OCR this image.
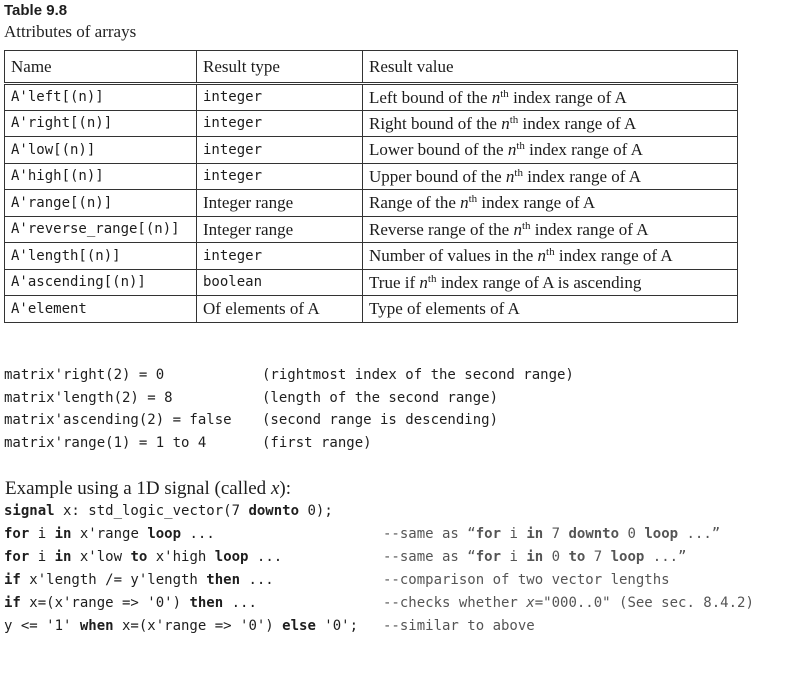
Table 9.8
Attributes of arrays
Name	Result type	Result value
A'left[(n)]	integer	Left bound of the n th index range of A

A'right[(n)]	integer	Right bound of the n th index range of A

A'low[(n)]	integer	Lower bound of the n th index range of A

A'high[(n)]	integer	Upper bound of the n th index range of A

A'range[(n)]	Integer range	Range of the n th index range of A

A'reverse_range[(n)]	Integer range	Reverse range of the n th index range of A

A'length[(n)]	integer	Number of values in the n th index range of A

A'ascending[(n)]	boolean	True if n th index range of A is ascending

A'element	Of elements of A	Type of elements of A
matrix'right(2) = 0	(rightmost index of the second range)
matrix'length(2) = 8	(length of the second range)
matrix'ascending(2) = false	(second range is descending)
matrix'range(1) = 1 to 4	(first range)
Example using a 1D signal (called x ):
signal x: std_logic_vector(7 downto 0);
for i in x'range loop ...	--same as “ for i in 7 downto 0 loop ...”
for i in x'low to x'high loop ...	--same as “ for i in 0 to 7 loop ...”
if x'length /= y'length then ...	--comparison of two vector lengths
if x=(x'range => '0') then ...	--checks whether x ="000..0" (See sec. 8.4.2)
y <= '1' when x=(x'range => '0') else '0'; --similar to above
